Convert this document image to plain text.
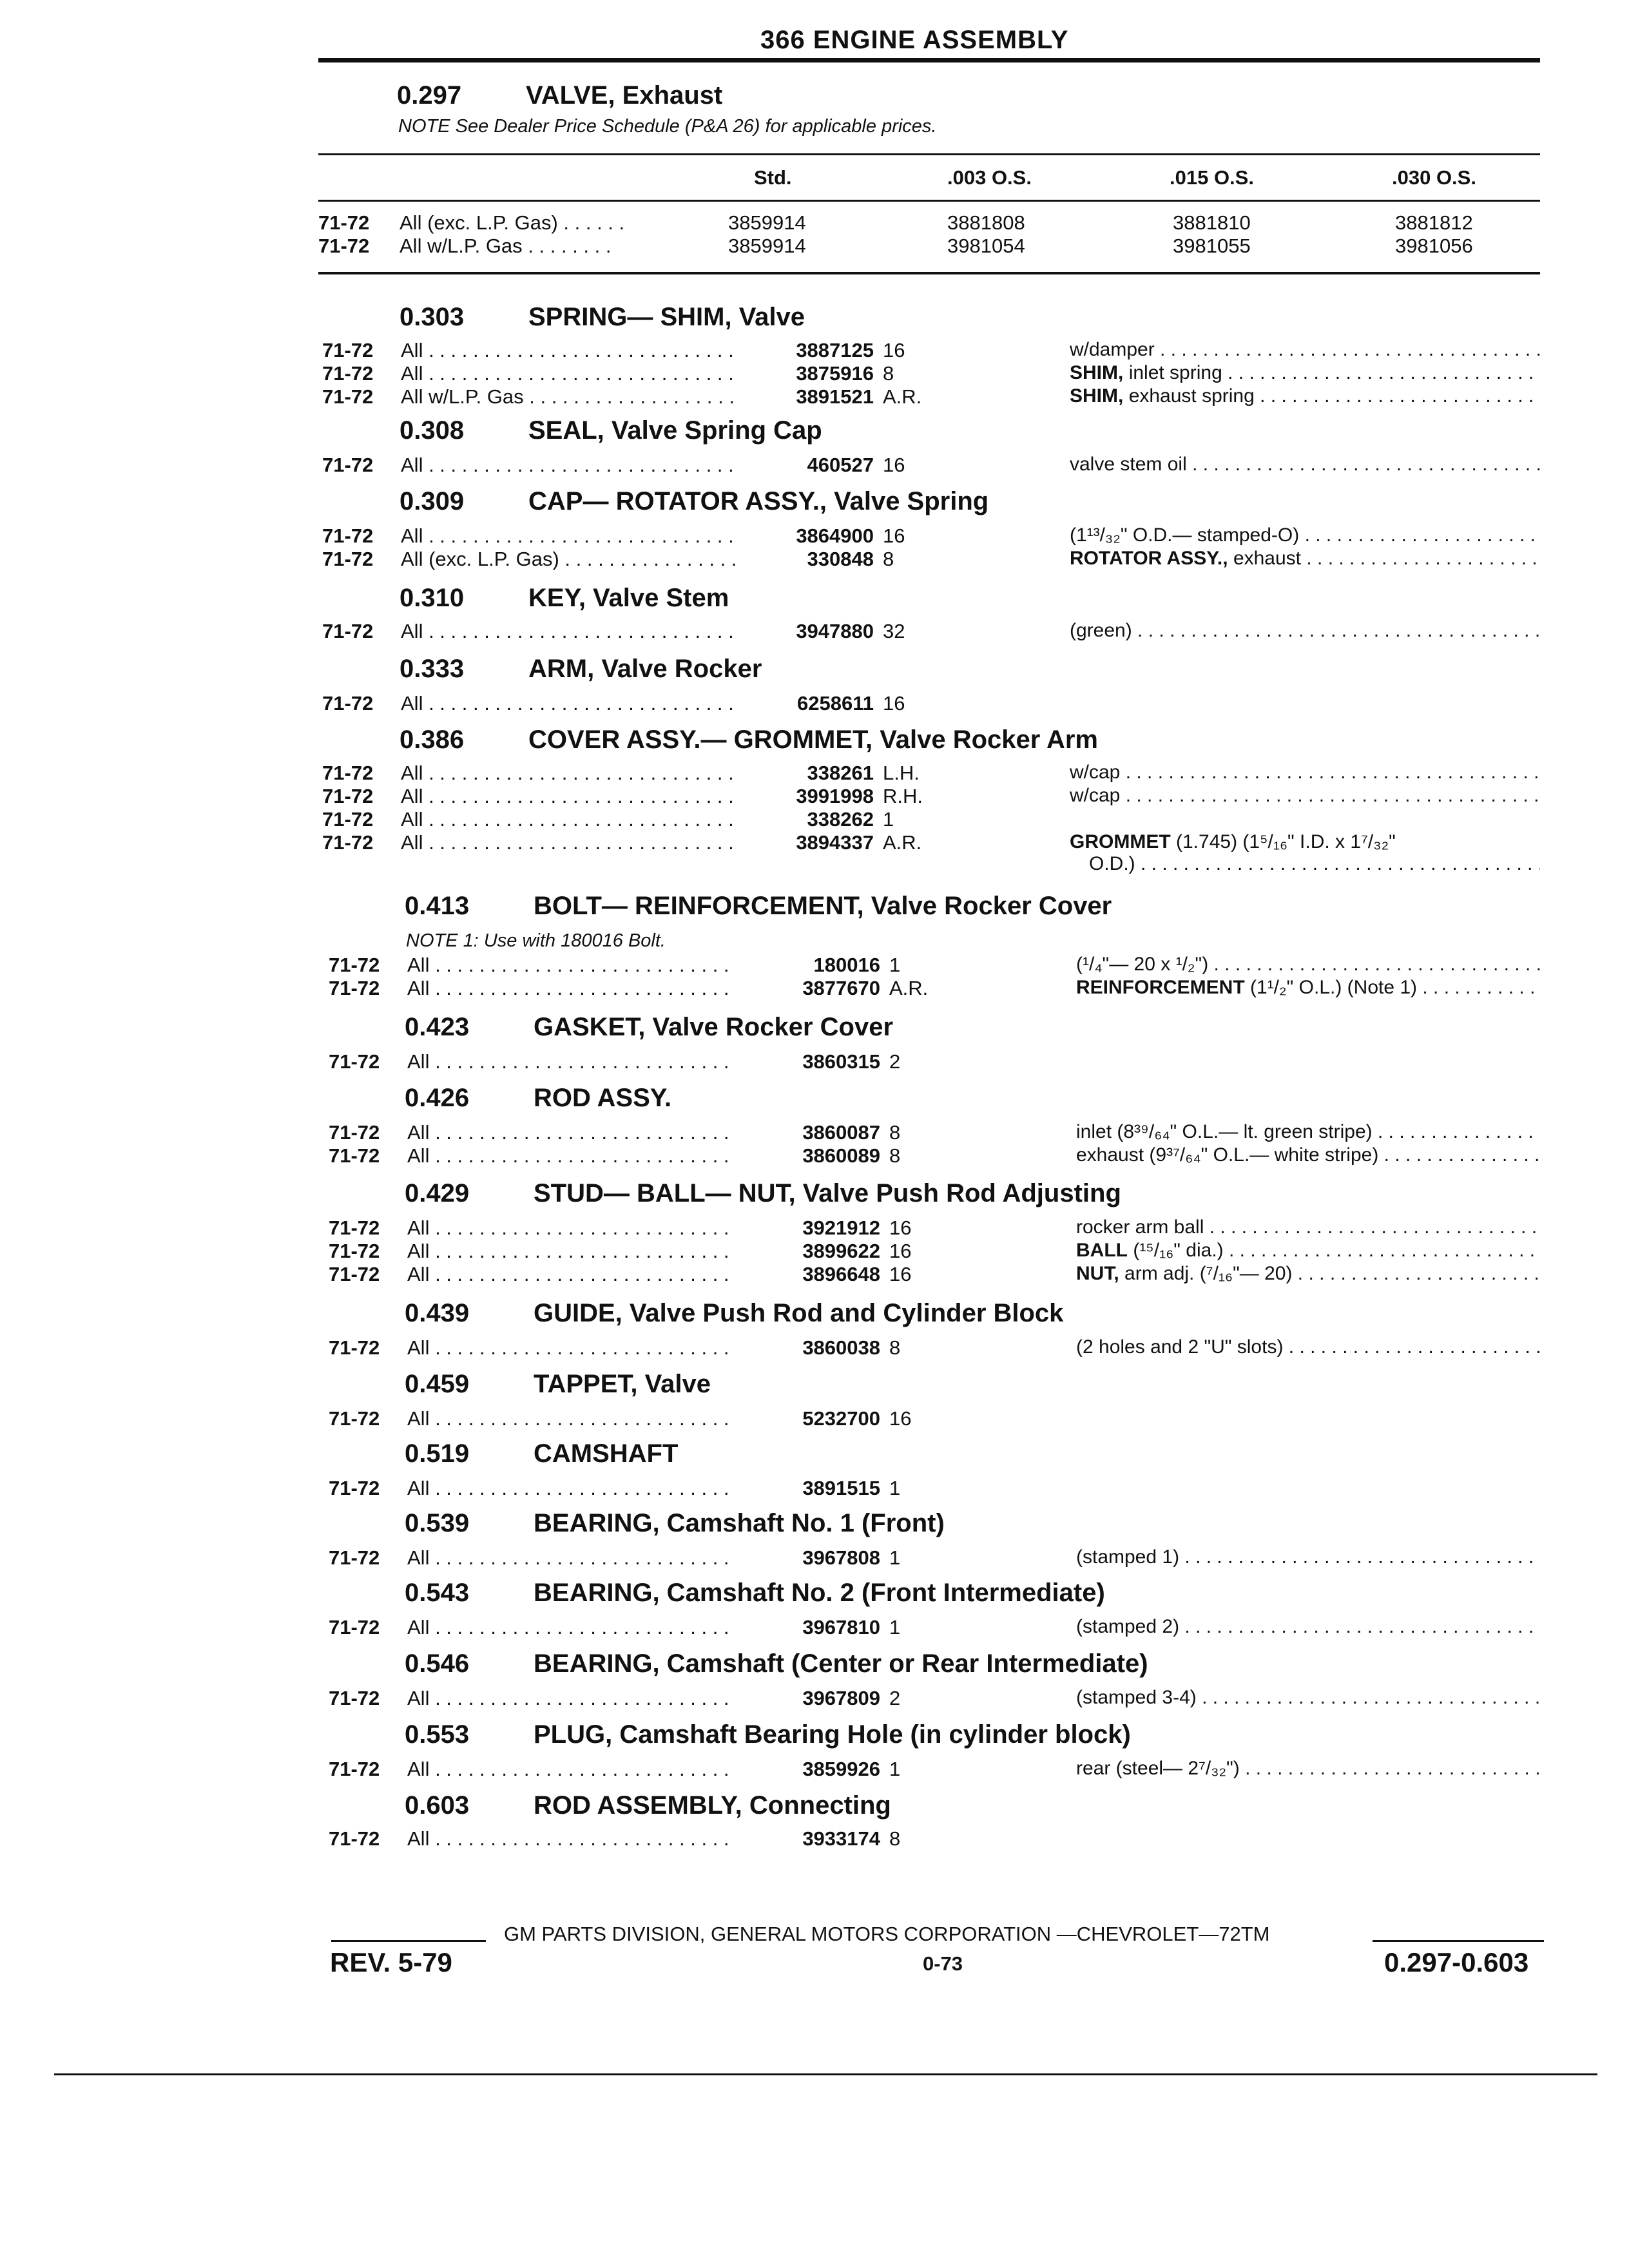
366 ENGINE ASSEMBLY
0.297 VALVE, Exhaust
NOTE See Dealer Price Schedule (P&A 26) for applicable prices.
Std.	.003 O.S.	.015 O.S.	.030 O.S.
71-72 All (exc. L.P. Gas) . . . . . .	3859914	3881808	3881810	3881812
71-72 All w/L.P. Gas . . . . . . . .	3859914	3981054	3981055	3981056
0.303 SPRING— SHIM, Valve
71-72 All . . .	3887125 16	w/damper . . .
71-72 All . . .	3875916 8	SHIM, inlet spring . . .
71-72 All w/L.P. Gas . . .	3891521 A.R.	SHIM, exhaust spring . . .
0.308 SEAL, Valve Spring Cap
71-72 All . . .	460527 16	valve stem oil . . .
0.309 CAP— ROTATOR ASSY., Valve Spring
71-72 All . . .	3864900 16	(1¹³/₃₂" O.D.— stamped-O) . . .
71-72 All (exc. L.P. Gas) . . .	330848 8	ROTATOR ASSY., exhaust . . .
0.310 KEY, Valve Stem
71-72 All . . .	3947880 32	(green) . . .
0.333 ARM, Valve Rocker
71-72 All . . .	6258611 16
0.386 COVER ASSY.— GROMMET, Valve Rocker Arm
71-72 All . . .	338261 L.H.	w/cap . . .
71-72 All . . .	3991998 R.H.	w/cap . . .
71-72 All . . .	338262 1
71-72 All . . .	3894337 A.R.	GROMMET (1.745) (1⁵/₁₆" I.D. x 1⁷/₃₂"
O.D.) . . .
0.413 BOLT— REINFORCEMENT, Valve Rocker Cover
NOTE 1: Use with 180016 Bolt.
71-72 All . . .	180016 1	(¹/₄"— 20 x ¹/₂") . . .
71-72 All . . .	3877670 A.R.	REINFORCEMENT (1¹/₂" O.L.) (Note 1) . . .
0.423 GASKET, Valve Rocker Cover
71-72 All . . .	3860315 2
0.426 ROD ASSY.
71-72 All . . .	3860087 8	inlet (8³⁹/₆₄" O.L.— lt. green stripe) . . .
71-72 All . . .	3860089 8	exhaust (9³⁷/₆₄" O.L.— white stripe) . . .
0.429 STUD— BALL— NUT, Valve Push Rod Adjusting
71-72 All . . .	3921912 16	rocker arm ball . . .
71-72 All . . .	3899622 16	BALL (¹⁵/₁₆" dia.) . . .
71-72 All . . .	3896648 16	NUT, arm adj. (⁷/₁₆"— 20) . . .
0.439 GUIDE, Valve Push Rod and Cylinder Block
71-72 All . . .	3860038 8	(2 holes and 2 "U" slots) . . .
0.459 TAPPET, Valve
71-72 All . . .	5232700 16
0.519 CAMSHAFT
71-72 All . . .	3891515 1
0.539 BEARING, Camshaft No. 1 (Front)
71-72 All . . .	3967808 1	(stamped 1) . . .
0.543 BEARING, Camshaft No. 2 (Front Intermediate)
71-72 All . . .	3967810 1	(stamped 2) . . .
0.546 BEARING, Camshaft (Center or Rear Intermediate)
71-72 All . . .	3967809 2	(stamped 3-4) . . .
0.553 PLUG, Camshaft Bearing Hole (in cylinder block)
71-72 All . . .	3859926 1	rear (steel— 2⁷/₃₂") . . .
0.603 ROD ASSEMBLY, Connecting
71-72 All . . .	3933174 8
GM PARTS DIVISION, GENERAL MOTORS CORPORATION —CHEVROLET—72TM
REV. 5-79	0-73	0.297-0.603
